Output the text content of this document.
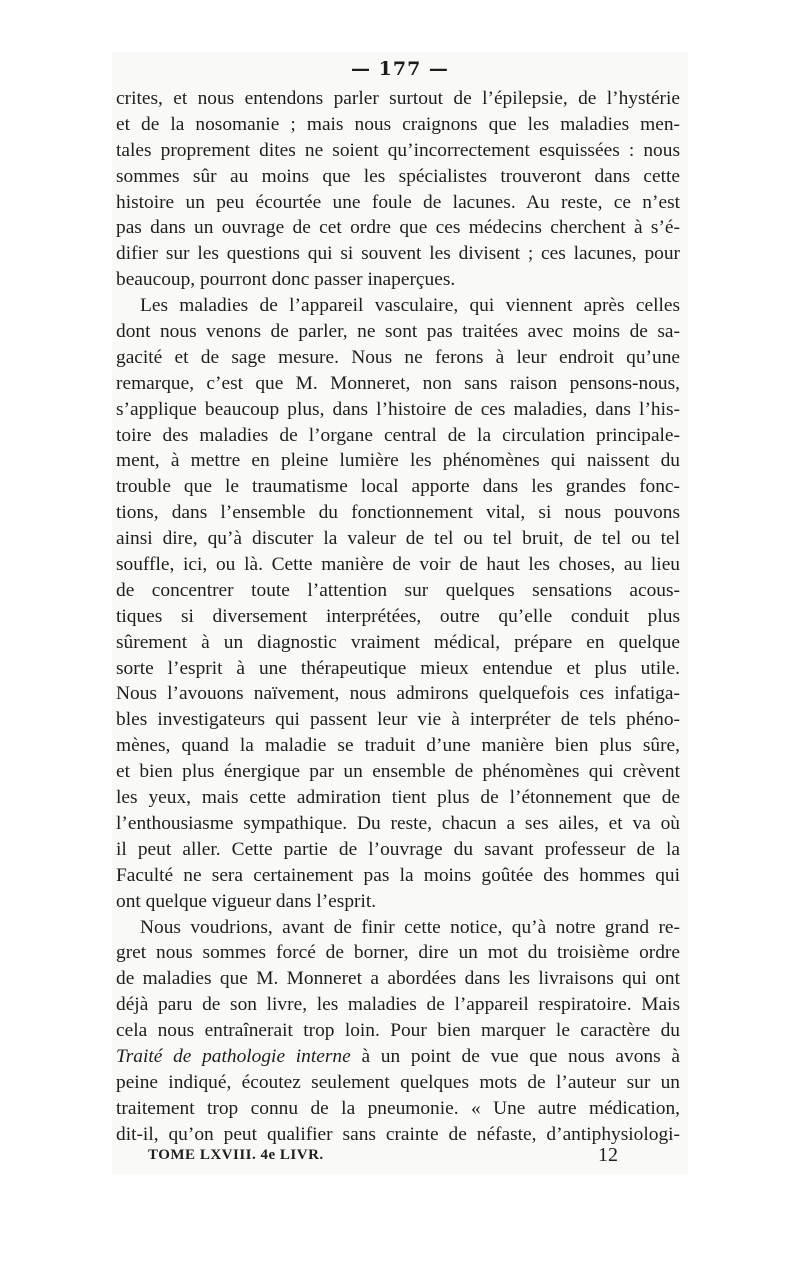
— 177 —
crites, et nous entendons parler surtout de l’épilepsie, de l’hystérie
et de la nosomanie ; mais nous craignons que les maladies men-
tales proprement dites ne soient qu’incorrectement esquissées : nous
sommes sûr au moins que les spécialistes trouveront dans cette
histoire un peu écourtée une foule de lacunes. Au reste, ce n’est
pas dans un ouvrage de cet ordre que ces médecins cherchent à s’é-
difier sur les questions qui si souvent les divisent ; ces lacunes, pour
beaucoup, pourront donc passer inaperçues.
Les maladies de l’appareil vasculaire, qui viennent après celles
dont nous venons de parler, ne sont pas traitées avec moins de sa-
gacité et de sage mesure. Nous ne ferons à leur endroit qu’une
remarque, c’est que M. Monneret, non sans raison pensons-nous,
s’applique beaucoup plus, dans l’histoire de ces maladies, dans l’his-
toire des maladies de l’organe central de la circulation principale-
ment, à mettre en pleine lumière les phénomènes qui naissent du
trouble que le traumatisme local apporte dans les grandes fonc-
tions, dans l’ensemble du fonctionnement vital, si nous pouvons
ainsi dire, qu’à discuter la valeur de tel ou tel bruit, de tel ou tel
souffle, ici, ou là. Cette manière de voir de haut les choses, au lieu
de concentrer toute l’attention sur quelques sensations acous-
tiques si diversement interprétées, outre qu’elle conduit plus
sûrement à un diagnostic vraiment médical, prépare en quelque
sorte l’esprit à une thérapeutique mieux entendue et plus utile.
Nous l’avouons naïvement, nous admirons quelquefois ces infatiga-
bles investigateurs qui passent leur vie à interpréter de tels phéno-
mènes, quand la maladie se traduit d’une manière bien plus sûre,
et bien plus énergique par un ensemble de phénomènes qui crèvent
les yeux, mais cette admiration tient plus de l’étonnement que de
l’enthousiasme sympathique. Du reste, chacun a ses ailes, et va où
il peut aller. Cette partie de l’ouvrage du savant professeur de la
Faculté ne sera certainement pas la moins goûtée des hommes qui
ont quelque vigueur dans l’esprit.
Nous voudrions, avant de finir cette notice, qu’à notre grand re-
gret nous sommes forcé de borner, dire un mot du troisième ordre
de maladies que M. Monneret a abordées dans les livraisons qui ont
déjà paru de son livre, les maladies de l’appareil respiratoire. Mais
cela nous entraînerait trop loin. Pour bien marquer le caractère du
Traité de pathologie interne à un point de vue que nous avons à
peine indiqué, écoutez seulement quelques mots de l’auteur sur un
traitement trop connu de la pneumonie. « Une autre médication,
dit-il, qu’on peut qualifier sans crainte de néfaste, d’antiphysiologi-
TOME LXVIII. 4e LIVR.	12
